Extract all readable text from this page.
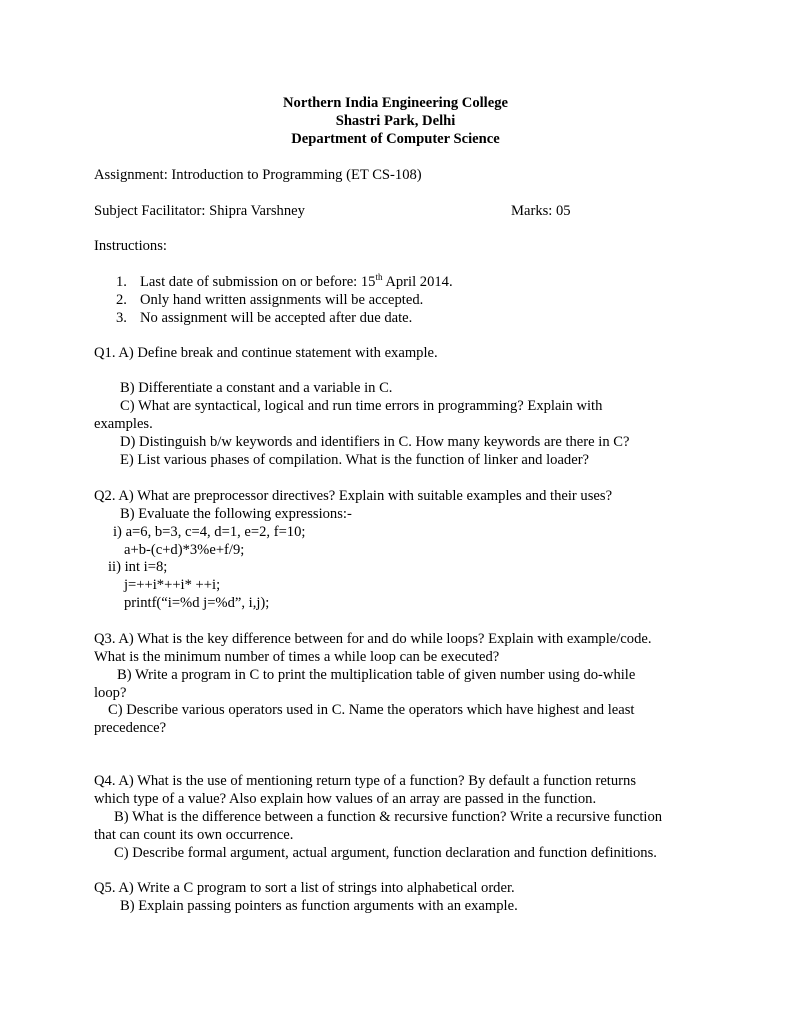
Northern India Engineering College
Shastri Park, Delhi
Department of Computer Science
Assignment: Introduction to Programming (ET CS-108)
Subject Facilitator: Shipra Varshney	Marks: 05
Instructions:
1. Last date of submission on or before: 15th April 2014.
2. Only hand written assignments will be accepted.
3. No assignment will be accepted after due date.
Q1. A) Define break and continue statement with example.
B) Differentiate a constant and a variable in C.
C) What are syntactical, logical and run time errors in programming? Explain with
examples.
D) Distinguish b/w keywords and identifiers in C. How many keywords are there in C?
E) List various phases of compilation. What is the function of linker and loader?
Q2. A) What are preprocessor directives? Explain with suitable examples and their uses?
B) Evaluate the following expressions:-
i) a=6, b=3, c=4, d=1, e=2, f=10;
a+b-(c+d)*3%e+f/9;
ii) int i=8;
j=++i*++i* ++i;
printf(“i=%d j=%d”, i,j);
Q3. A) What is the key difference between for and do while loops? Explain with example/code.
What is the minimum number of times a while loop can be executed?
B) Write a program in C to print the multiplication table of given number using do-while
loop?
C) Describe various operators used in C. Name the operators which have highest and least
precedence?
Q4. A) What is the use of mentioning return type of a function? By default a function returns
which type of a value? Also explain how values of an array are passed in the function.
B) What is the difference between a function & recursive function? Write a recursive function
that can count its own occurrence.
C) Describe formal argument, actual argument, function declaration and function definitions.
Q5. A) Write a C program to sort a list of strings into alphabetical order.
B) Explain passing pointers as function arguments with an example.
